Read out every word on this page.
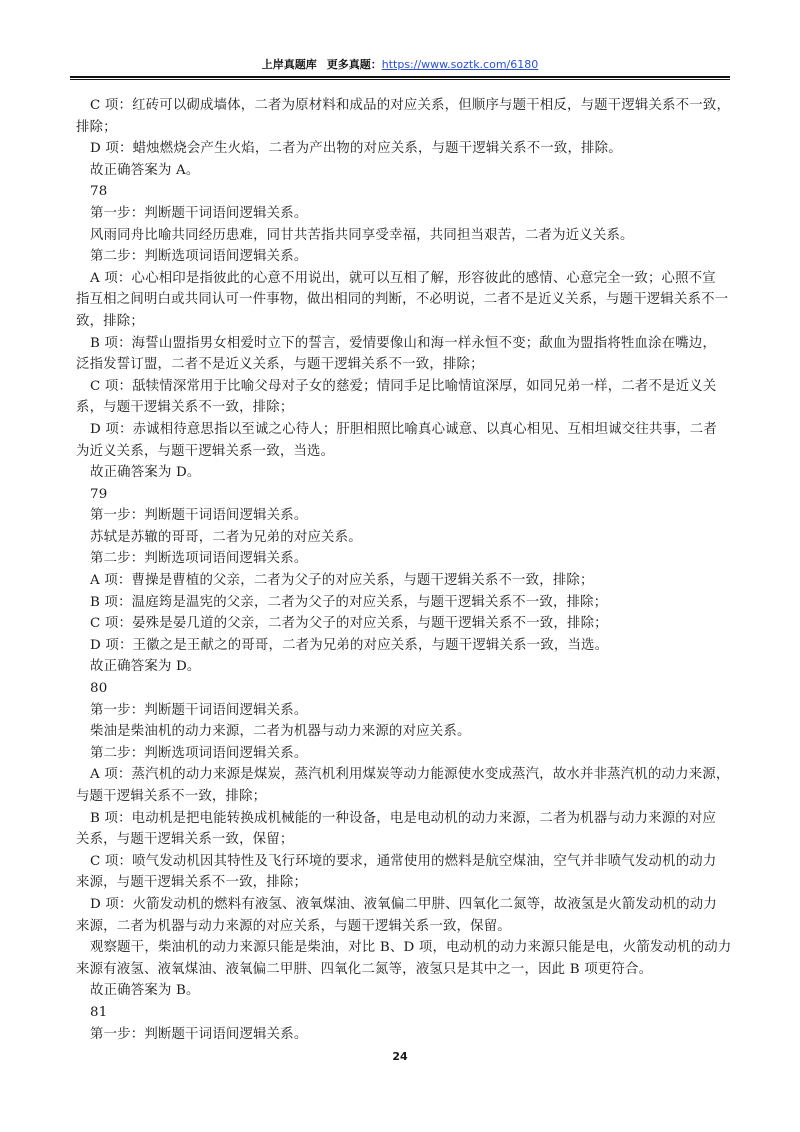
上岸真题库 更多真题：https://www.soztk.com/6180

C 项：红砖可以砌成墙体，二者为原材料和成品的对应关系，但顺序与题干相反，与题干逻辑关系不一致，

排除；

D 项：蜡烛燃烧会产生火焰，二者为产出物的对应关系，与题干逻辑关系不一致，排除。

故正确答案为 A。

78

第一步：判断题干词语间逻辑关系。

风雨同舟比喻共同经历患难，同甘共苦指共同享受幸福，共同担当艰苦，二者为近义关系。

第二步：判断选项词语间逻辑关系。

A 项：心心相印是指彼此的心意不用说出，就可以互相了解，形容彼此的感情、心意完全一致；心照不宣

指互相之间明白或共同认可一件事物，做出相同的判断，不必明说，二者不是近义关系，与题干逻辑关系不一

致，排除；

B 项：海誓山盟指男女相爱时立下的誓言，爱情要像山和海一样永恒不变；歃血为盟指将牲血涂在嘴边，

泛指发誓订盟，二者不是近义关系，与题干逻辑关系不一致，排除；

C 项：舐犊情深常用于比喻父母对子女的慈爱；情同手足比喻情谊深厚，如同兄弟一样，二者不是近义关

系，与题干逻辑关系不一致，排除；

D 项：赤诚相待意思指以至诚之心待人；肝胆相照比喻真心诚意、以真心相见、互相坦诚交往共事，二者

为近义关系，与题干逻辑关系一致，当选。

故正确答案为 D。

79

第一步：判断题干词语间逻辑关系。

苏轼是苏辙的哥哥，二者为兄弟的对应关系。

第二步：判断选项词语间逻辑关系。

A 项：曹操是曹植的父亲，二者为父子的对应关系，与题干逻辑关系不一致，排除；

B 项：温庭筠是温宪的父亲，二者为父子的对应关系，与题干逻辑关系不一致，排除；

C 项：晏殊是晏几道的父亲，二者为父子的对应关系，与题干逻辑关系不一致，排除；

D 项：王徽之是王献之的哥哥，二者为兄弟的对应关系，与题干逻辑关系一致，当选。

故正确答案为 D。

80

第一步：判断题干词语间逻辑关系。

柴油是柴油机的动力来源，二者为机器与动力来源的对应关系。

第二步：判断选项词语间逻辑关系。

A 项：蒸汽机的动力来源是煤炭，蒸汽机利用煤炭等动力能源使水变成蒸汽，故水并非蒸汽机的动力来源，

与题干逻辑关系不一致，排除；

B 项：电动机是把电能转换成机械能的一种设备，电是电动机的动力来源，二者为机器与动力来源的对应

关系，与题干逻辑关系一致，保留；

C 项：喷气发动机因其特性及飞行环境的要求，通常使用的燃料是航空煤油，空气并非喷气发动机的动力

来源，与题干逻辑关系不一致，排除；

D 项：火箭发动机的燃料有液氢、液氧煤油、液氧偏二甲肼、四氧化二氮等，故液氢是火箭发动机的动力

来源，二者为机器与动力来源的对应关系，与题干逻辑关系一致，保留。

观察题干，柴油机的动力来源只能是柴油，对比 B、D 项，电动机的动力来源只能是电，火箭发动机的动力

来源有液氢、液氧煤油、液氧偏二甲肼、四氧化二氮等，液氢只是其中之一，因此 B 项更符合。

故正确答案为 B。

81

第一步：判断题干词语间逻辑关系。

24
